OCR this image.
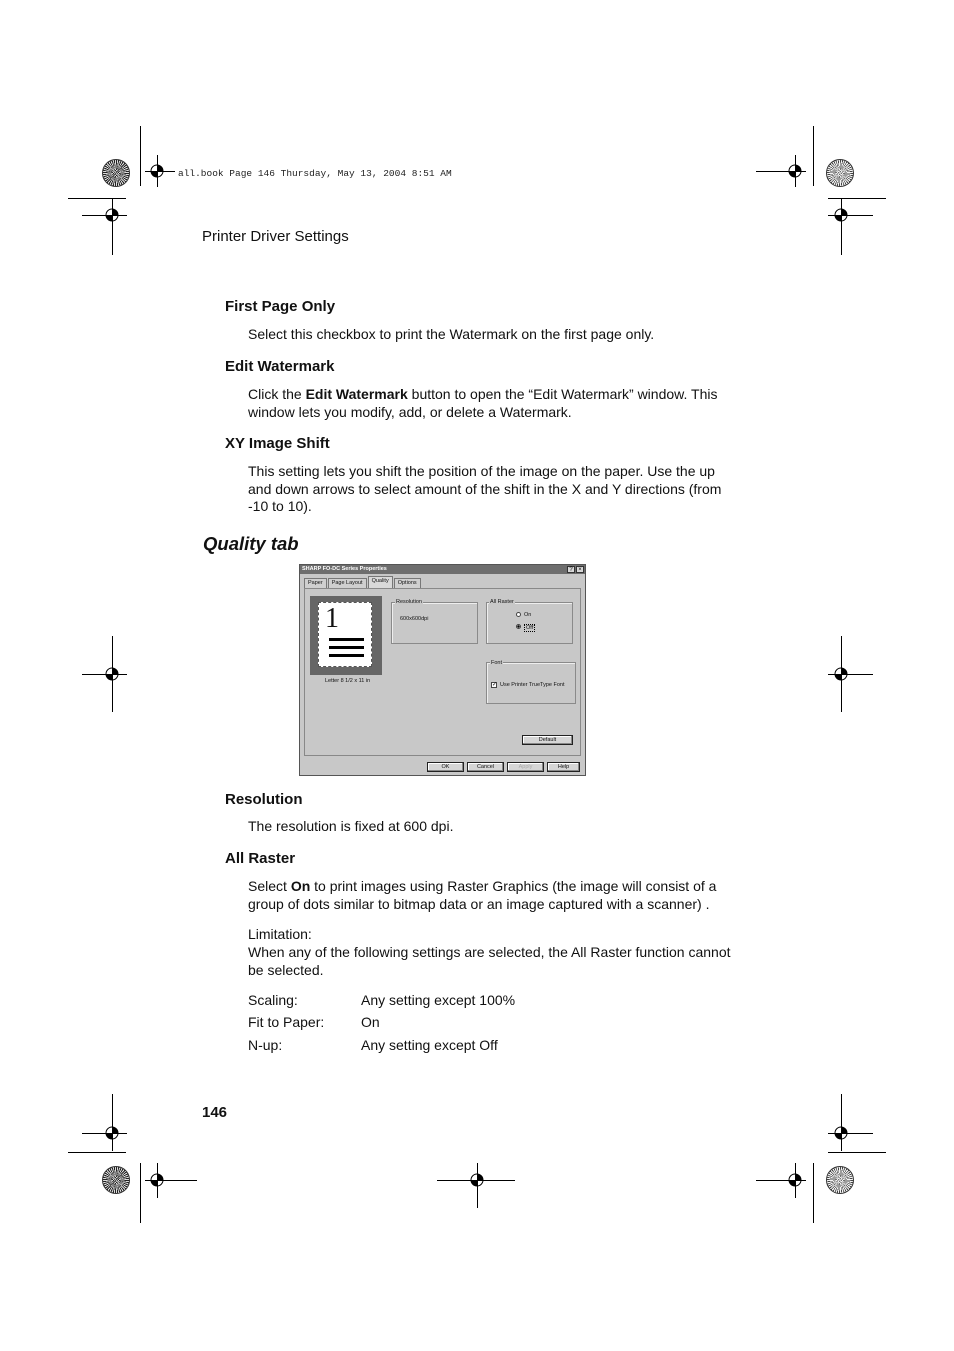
all.book Page 146 Thursday, May 13, 2004 8:51 AM
Printer Driver Settings
First Page Only
Select this checkbox to print the Watermark on the first page only.
Edit Watermark
Click the Edit Watermark button to open the “Edit Watermark” window. This
window lets you modify, add, or delete a Watermark.
XY Image Shift
This setting lets you shift the position of the image on the paper. Use the up
and down arrows to select amount of the shift in the X and Y directions (from
-10 to 10).
Quality tab
SHARP FO-DC Series Properties	? ×
Paper	Page Layout	Quality	Options
1
Letter 8 1/2 x 11 in
Resolution
600x600dpi
All Raster
On
Off
Font
✓ Use Printer TrueType Font
Default
OK	Cancel	Apply	Help
Resolution
The resolution is fixed at 600 dpi.
All Raster
Select On to print images using Raster Graphics (the image will consist of a
group of dots similar to bitmap data or an image captured with a scanner) .
Limitation:
When any of the following settings are selected, the All Raster function cannot
be selected.
Scaling:	Any setting except 100%
Fit to Paper:	On
N-up:	Any setting except Off
146
